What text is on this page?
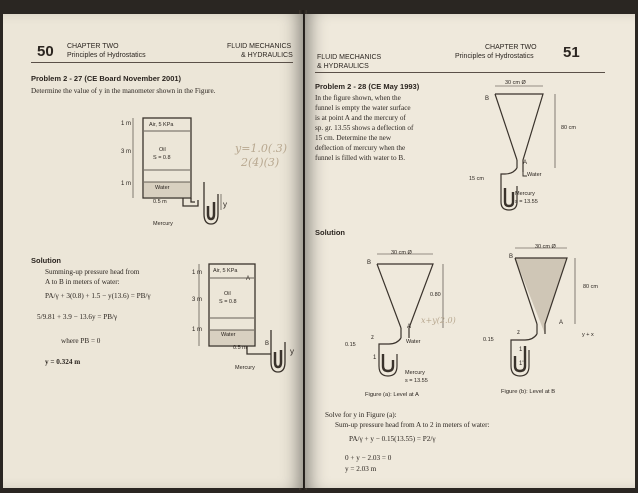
50 CHAPTER TWO
Principles of Hydrostatics
FLUID MECHANICS
& HYDRAULICS
Problem 2 - 27 (CE Board November 2001)
Determine the value of y in the manometer shown in the Figure.
1 m
3 m
1 m
Air, 5 KPa
Oil
S = 0.8
Water
0.5 m
Mercury
y
y=1.0(.3)
2(4)(3)
Solution
Summing-up pressure head from
A to B in meters of water:
PA/γ + 3(0.8) + 1.5 − y(13.6) = PB/γ
5/9.81 + 3.9 − 13.6y = PB/γ
where PB = 0
y = 0.324 m
1 m
3 m
1 m
Air, 5 KPa
A
Oil
S = 0.8
Water
0.5 m
B
Mercury
y
FLUID MECHANICS
& HYDRAULICS
CHAPTER TWO
Principles of Hydrostatics 51
Problem 2 - 28 (CE May 1993)
In the figure shown, when the
funnel is empty the water surface
is at point A and the mercury of
sp. gr. 13.55 shows a deflection of
15 cm. Determine the new
deflection of mercury when the
funnel is filled with water to B.
30 cm Ø
B
80 cm
A
Water
15 cm
Mercury
s = 13.55
Solution
30 cm Ø
B
0.80
A
z
Water
0.15
1
Mercury
s = 13.55
Figure (a): Level at A
x+y(2.0)
30 cm Ø
B
80 cm
A
z
0.15
1
1'
y + x
Figure (b): Level at B
Solve for y in Figure (a):
Sum-up pressure head from A to 2 in meters of water:
PA/γ + y − 0.15(13.55) = P2/γ
0 + y − 2.03 = 0
y = 2.03 m
